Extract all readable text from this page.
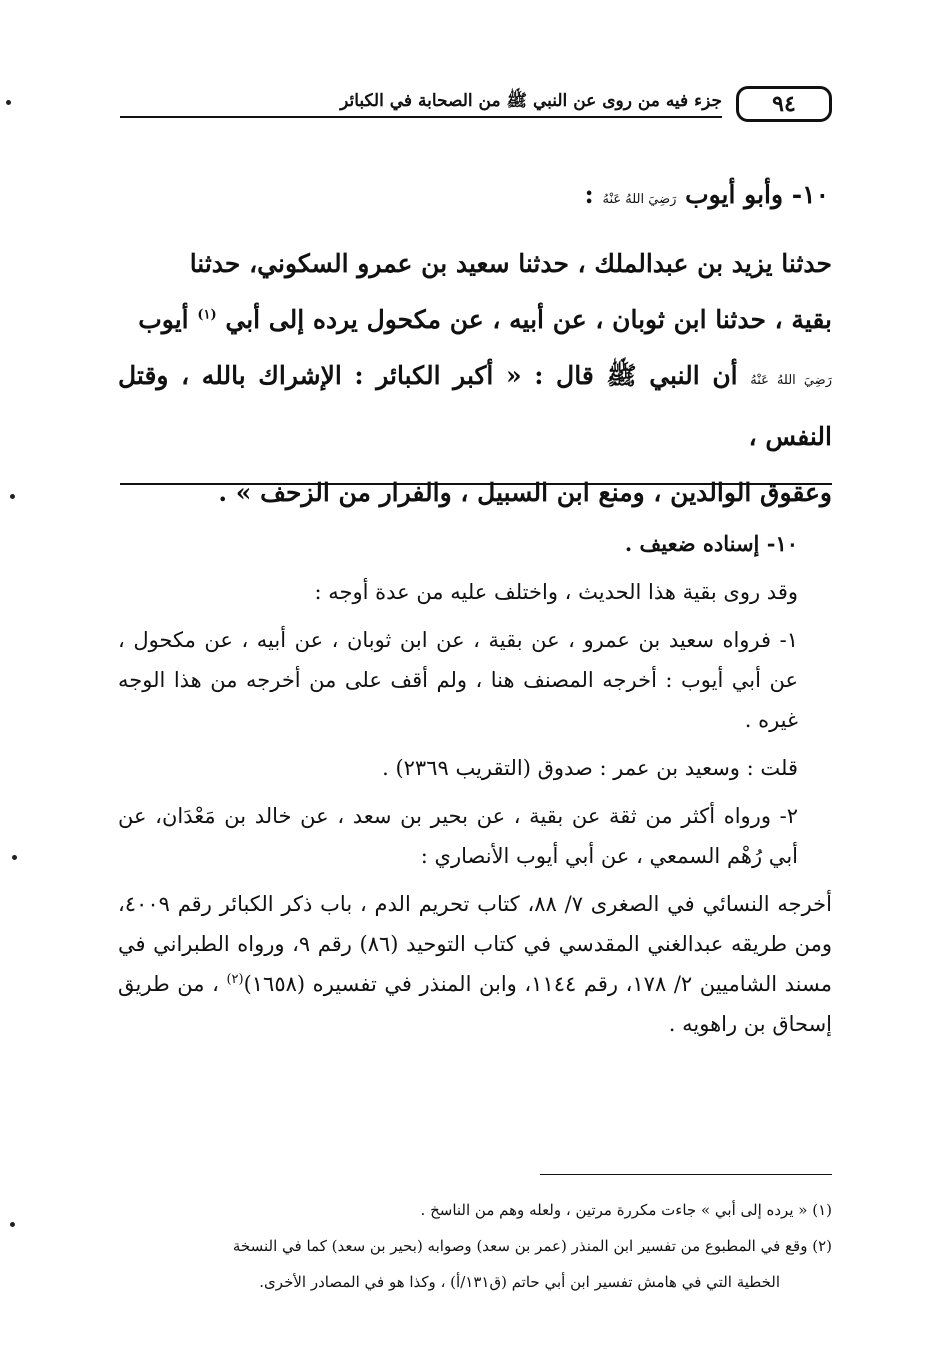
٩٤
جزء فيه من روى عن النبي ﷺ من الصحابة في الكبائر
١٠- وأبو أيوب رَضِيَ اللهُ عَنْهُ :

حدثنا يزيد بن عبدالملك ، حدثنا سعيد بن عمرو السكوني، حدثنا

بقية ، حدثنا ابن ثوبان ، عن أبيه ، عن مكحول يرده إلى أبي $^{(١)}$ أيوب

رَضِيَ اللهُ عَنْهُ أن النبي ﷺ قال : « أكبر الكبائر : الإشراك بالله ، وقتل النفس ،

وعقوق الوالدين ، ومنع ابن السبيل ، والفرار من الزحف » .

١٠- إسناده ضعيف .

وقد روى بقية هذا الحديث ، واختلف عليه من عدة أوجه :

١- فرواه سعيد بن عمرو ، عن بقية ، عن ابن ثوبان ، عن أبيه ، عن مكحول ، عن أبي أيوب : أخرجه المصنف هنا ، ولم أقف على من أخرجه من هذا الوجه غيره .

قلت : وسعيد بن عمر : صدوق (التقريب ٢٣٦٩) .

٢- ورواه أكثر من ثقة عن بقية ، عن بحير بن سعد ، عن خالد بن مَعْدَان، عن أبي رُهْم السمعي ، عن أبي أيوب الأنصاري :

أخرجه النسائي في الصغرى ٧/ ٨٨، كتاب تحريم الدم ، باب ذكر الكبائر رقم ٤٠٠٩، ومن طريقه عبدالغني المقدسي في كتاب التوحيد (٨٦) رقم ٩، ورواه الطبراني في مسند الشاميين ٢/ ١٧٨، رقم ١١٤٤، وابن المنذر في تفسيره (١٦٥٨)$^{(٢)}$ ، من طريق إسحاق بن راهويه .

(١) « يرده إلى أبي » جاءت مكررة مرتين ، ولعله وهم من الناسخ .

(٢) وقع في المطبوع من تفسير ابن المنذر (عمر بن سعد) وصوابه (بحير بن سعد) كما في النسخة

الخطية التي في هامش تفسير ابن أبي حاتم (ق١٣١/أ) ، وكذا هو في المصادر الأخرى.
